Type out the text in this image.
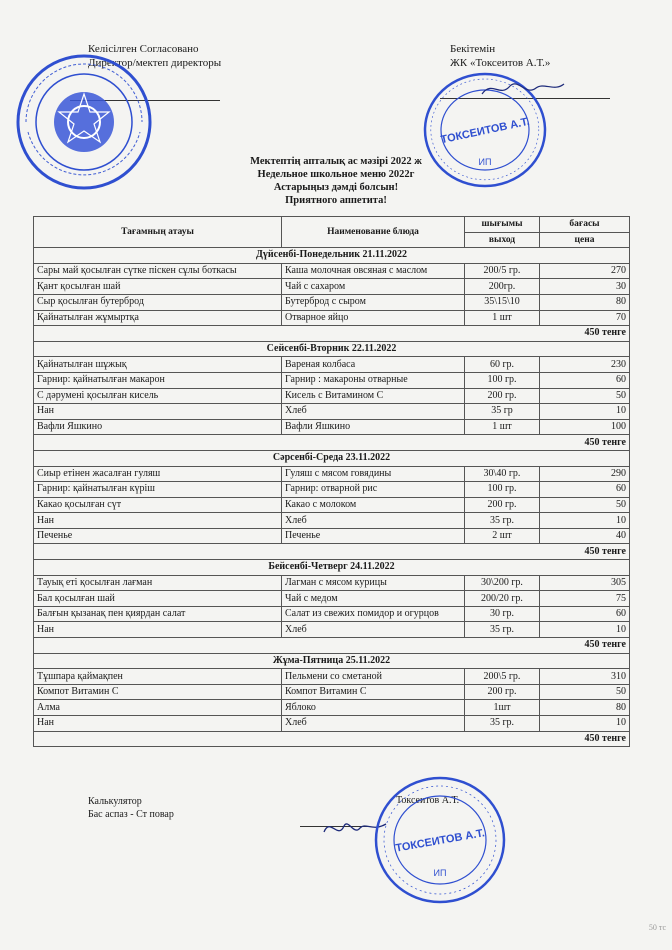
Келісілген Согласовано
Директор/мектеп директоры
Бекітемін
ЖК «Токсеитов А.Т.»
ТОКСЕИТОВ А.Т.
ИП
Мектептің апталық ас мәзірі 2022 ж
Недельное школьное меню 2022г
Астарыңыз дәмді болсын!
Приятного аппетита!
Тағамның атауы	Наименование блюда	шығымы	бағасы
		выход	цена
Дүйсенбі-Понедельник 21.11.2022			
Сары май қосылған сүтке піскен сұлы боткасы	Каша молочная овсяная с маслом	200/5 гр.	270
Қант қосылған шай	Чай с сахаром	200гр.	30
Сыр қосылған бутерброд	Бутерброд с сыром	35\15\10	80
Қайнатылған жұмыртқа	Отварное яйцо	1 шт	70
450 тенге			
Сейсенбі-Вторник 22.11.2022			
Қайнатылған шұжық	Вареная колбаса	60 гр.	230
Гарнир: қайнатылған макарон	Гарнир : макароны отварные	100 гр.	60
С дәрумені қосылған кисель	Кисель с Витамином С	200 гр.	50
Нан	Хлеб	35 гр	10
Вафли Яшкино	Вафли Яшкино	1 шт	100
450 тенге			
Сәрсенбі-Среда 23.11.2022			
Сиыр етінен жасалған гуляш	Гуляш с мясом говядины	30\40 гр.	290
Гарнир: қайнатылған күріш	Гарнир: отварной рис	100 гр.	60
Какао қосылған сүт	Какао с молоком	200 гр.	50
Нан	Хлеб	35 гр.	10
Печенье	Печенье	2 шт	40
450 тенге			
Бейсенбі-Четверг 24.11.2022			
Тауық еті қосылған лағман	Лагман с мясом курицы	30\200 гр.	305
Бал қосылған шай	Чай с медом	200/20 гр.	75
Балғын қызанақ пен қиярдан салат	Салат из свежих помидор и огурцов	30 гр.	60
Нан	Хлеб	35 гр.	10
450 тенге			
Жұма-Пятница 25.11.2022			
Тұшпара қаймақпен	Пельмени со сметаной	200\5 гр.	310
Компот Витамин С	Компот Витамин С	200 гр.	50
Алма	Яблоко	1шт	80
Нан	Хлеб	35 гр.	10
450 тенге			
Калькулятор
Бас аспаз - Ст повар
Токсеитов А.Т.
ТОКСЕИТОВ А.Т.
ИП
50 тс
